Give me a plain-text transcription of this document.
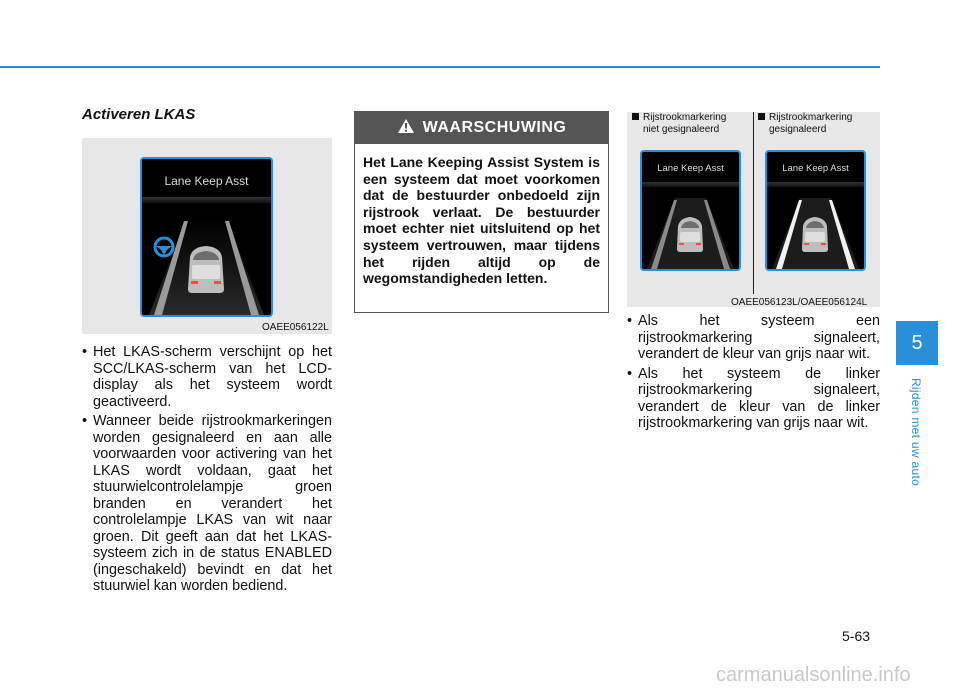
Activeren LKAS
Lane Keep Asst
OAEE056122L
• Het LKAS-scherm verschijnt op het SCC/LKAS-scherm van het LCD-display als het systeem wordt geactiveerd.
• Wanneer beide rijstrookmarkeringen worden gesignaleerd en aan alle voorwaarden voor activering van het LKAS wordt voldaan, gaat het stuurwielcontrolelampje groen branden en verandert het controlelampje LKAS van wit naar groen. Dit geeft aan dat het LKAS-systeem zich in de status ENABLED (ingeschakeld) bevindt en dat het stuurwiel kan worden bediend.
WAARSCHUWING
Het Lane Keeping Assist System is een systeem dat moet voorkomen dat de bestuurder onbedoeld zijn rijstrook verlaat. De bestuurder moet echter niet uitsluitend op het systeem vertrouwen, maar tijdens het rijden altijd op de wegomstandigheden letten.
Lane Keep Asst	Lane Keep Asst
Rijstrookmarkering
niet gesignaleerd
Rijstrookmarkering
gesignaleerd
OAEE056123L/OAEE056124L
• Als het systeem een rijstrookmarkering signaleert, verandert de kleur van grijs naar wit.
• Als het systeem de linker rijstrookmarkering signaleert, verandert de kleur van de linker rijstrookmarkering van grijs naar wit.
5
Rijden met uw auto
5-63
carmanualsonline.info
